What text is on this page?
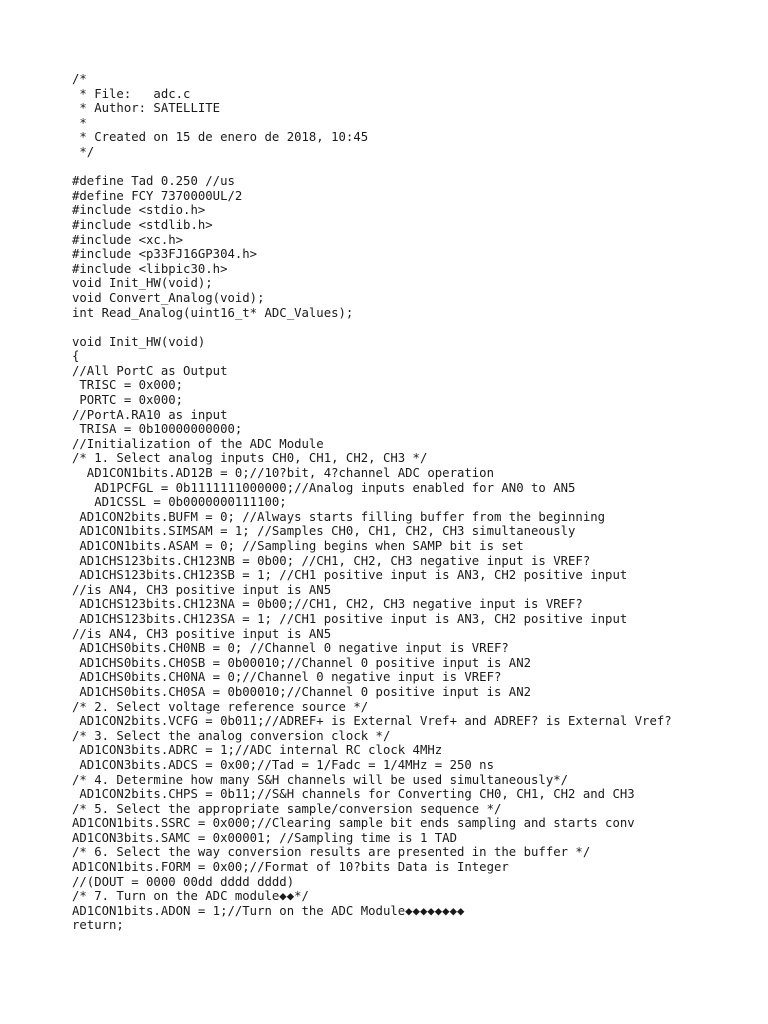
/*
* File:   adc.c
* Author: SATELLITE
*
* Created on 15 de enero de 2018, 10:45
*/
#define Tad 0.250 //us
#define FCY 7370000UL/2
#include <stdio.h>
#include <stdlib.h>
#include <xc.h>
#include <p33FJ16GP304.h>
#include <libpic30.h>
void Init_HW(void);
void Convert_Analog(void);
int Read_Analog(uint16_t* ADC_Values);
void Init_HW(void)
{
//All PortC as Output
TRISC = 0x000;
PORTC = 0x000;
//PortA.RA10 as input
TRISA = 0b10000000000;
//Initialization of the ADC Module
/* 1. Select analog inputs CH0, CH1, CH2, CH3 */
AD1CON1bits.AD12B = 0;//10?bit, 4?channel ADC operation
AD1PCFGL = 0b1111111000000;//Analog inputs enabled for AN0 to AN5
AD1CSSL = 0b0000000111100;
AD1CON2bits.BUFM = 0; //Always starts filling buffer from the beginning
AD1CON1bits.SIMSAM = 1; //Samples CH0, CH1, CH2, CH3 simultaneously
AD1CON1bits.ASAM = 0; //Sampling begins when SAMP bit is set
AD1CHS123bits.CH123NB = 0b00; //CH1, CH2, CH3 negative input is VREF?
AD1CHS123bits.CH123SB = 1; //CH1 positive input is AN3, CH2 positive input
//is AN4, CH3 positive input is AN5
AD1CHS123bits.CH123NA = 0b00;//CH1, CH2, CH3 negative input is VREF?
AD1CHS123bits.CH123SA = 1; //CH1 positive input is AN3, CH2 positive input
//is AN4, CH3 positive input is AN5
AD1CHS0bits.CH0NB = 0; //Channel 0 negative input is VREF?
AD1CHS0bits.CH0SB = 0b00010;//Channel 0 positive input is AN2
AD1CHS0bits.CH0NA = 0;//Channel 0 negative input is VREF?
AD1CHS0bits.CH0SA = 0b00010;//Channel 0 positive input is AN2
/* 2. Select voltage reference source */
AD1CON2bits.VCFG = 0b011;//ADREF+ is External Vref+ and ADREF? is External Vref?
/* 3. Select the analog conversion clock */
AD1CON3bits.ADRC = 1;//ADC internal RC clock 4MHz
AD1CON3bits.ADCS = 0x00;//Tad = 1/Fadc = 1/4MHz = 250 ns
/* 4. Determine how many S&H channels will be used simultaneously*/
AD1CON2bits.CHPS = 0b11;//S&H channels for Converting CH0, CH1, CH2 and CH3
/* 5. Select the appropriate sample/conversion sequence */
AD1CON1bits.SSRC = 0x000;//Clearing sample bit ends sampling and starts conv
AD1CON3bits.SAMC = 0x00001; //Sampling time is 1 TAD
/* 6. Select the way conversion results are presented in the buffer */
AD1CON1bits.FORM = 0x00;//Format of 10?bits Data is Integer
//(DOUT = 0000 00dd dddd dddd)
/* 7. Turn on the ADC module◆◆*/
AD1CON1bits.ADON = 1;//Turn on the ADC Module◆◆◆◆◆◆◆◆
return;
